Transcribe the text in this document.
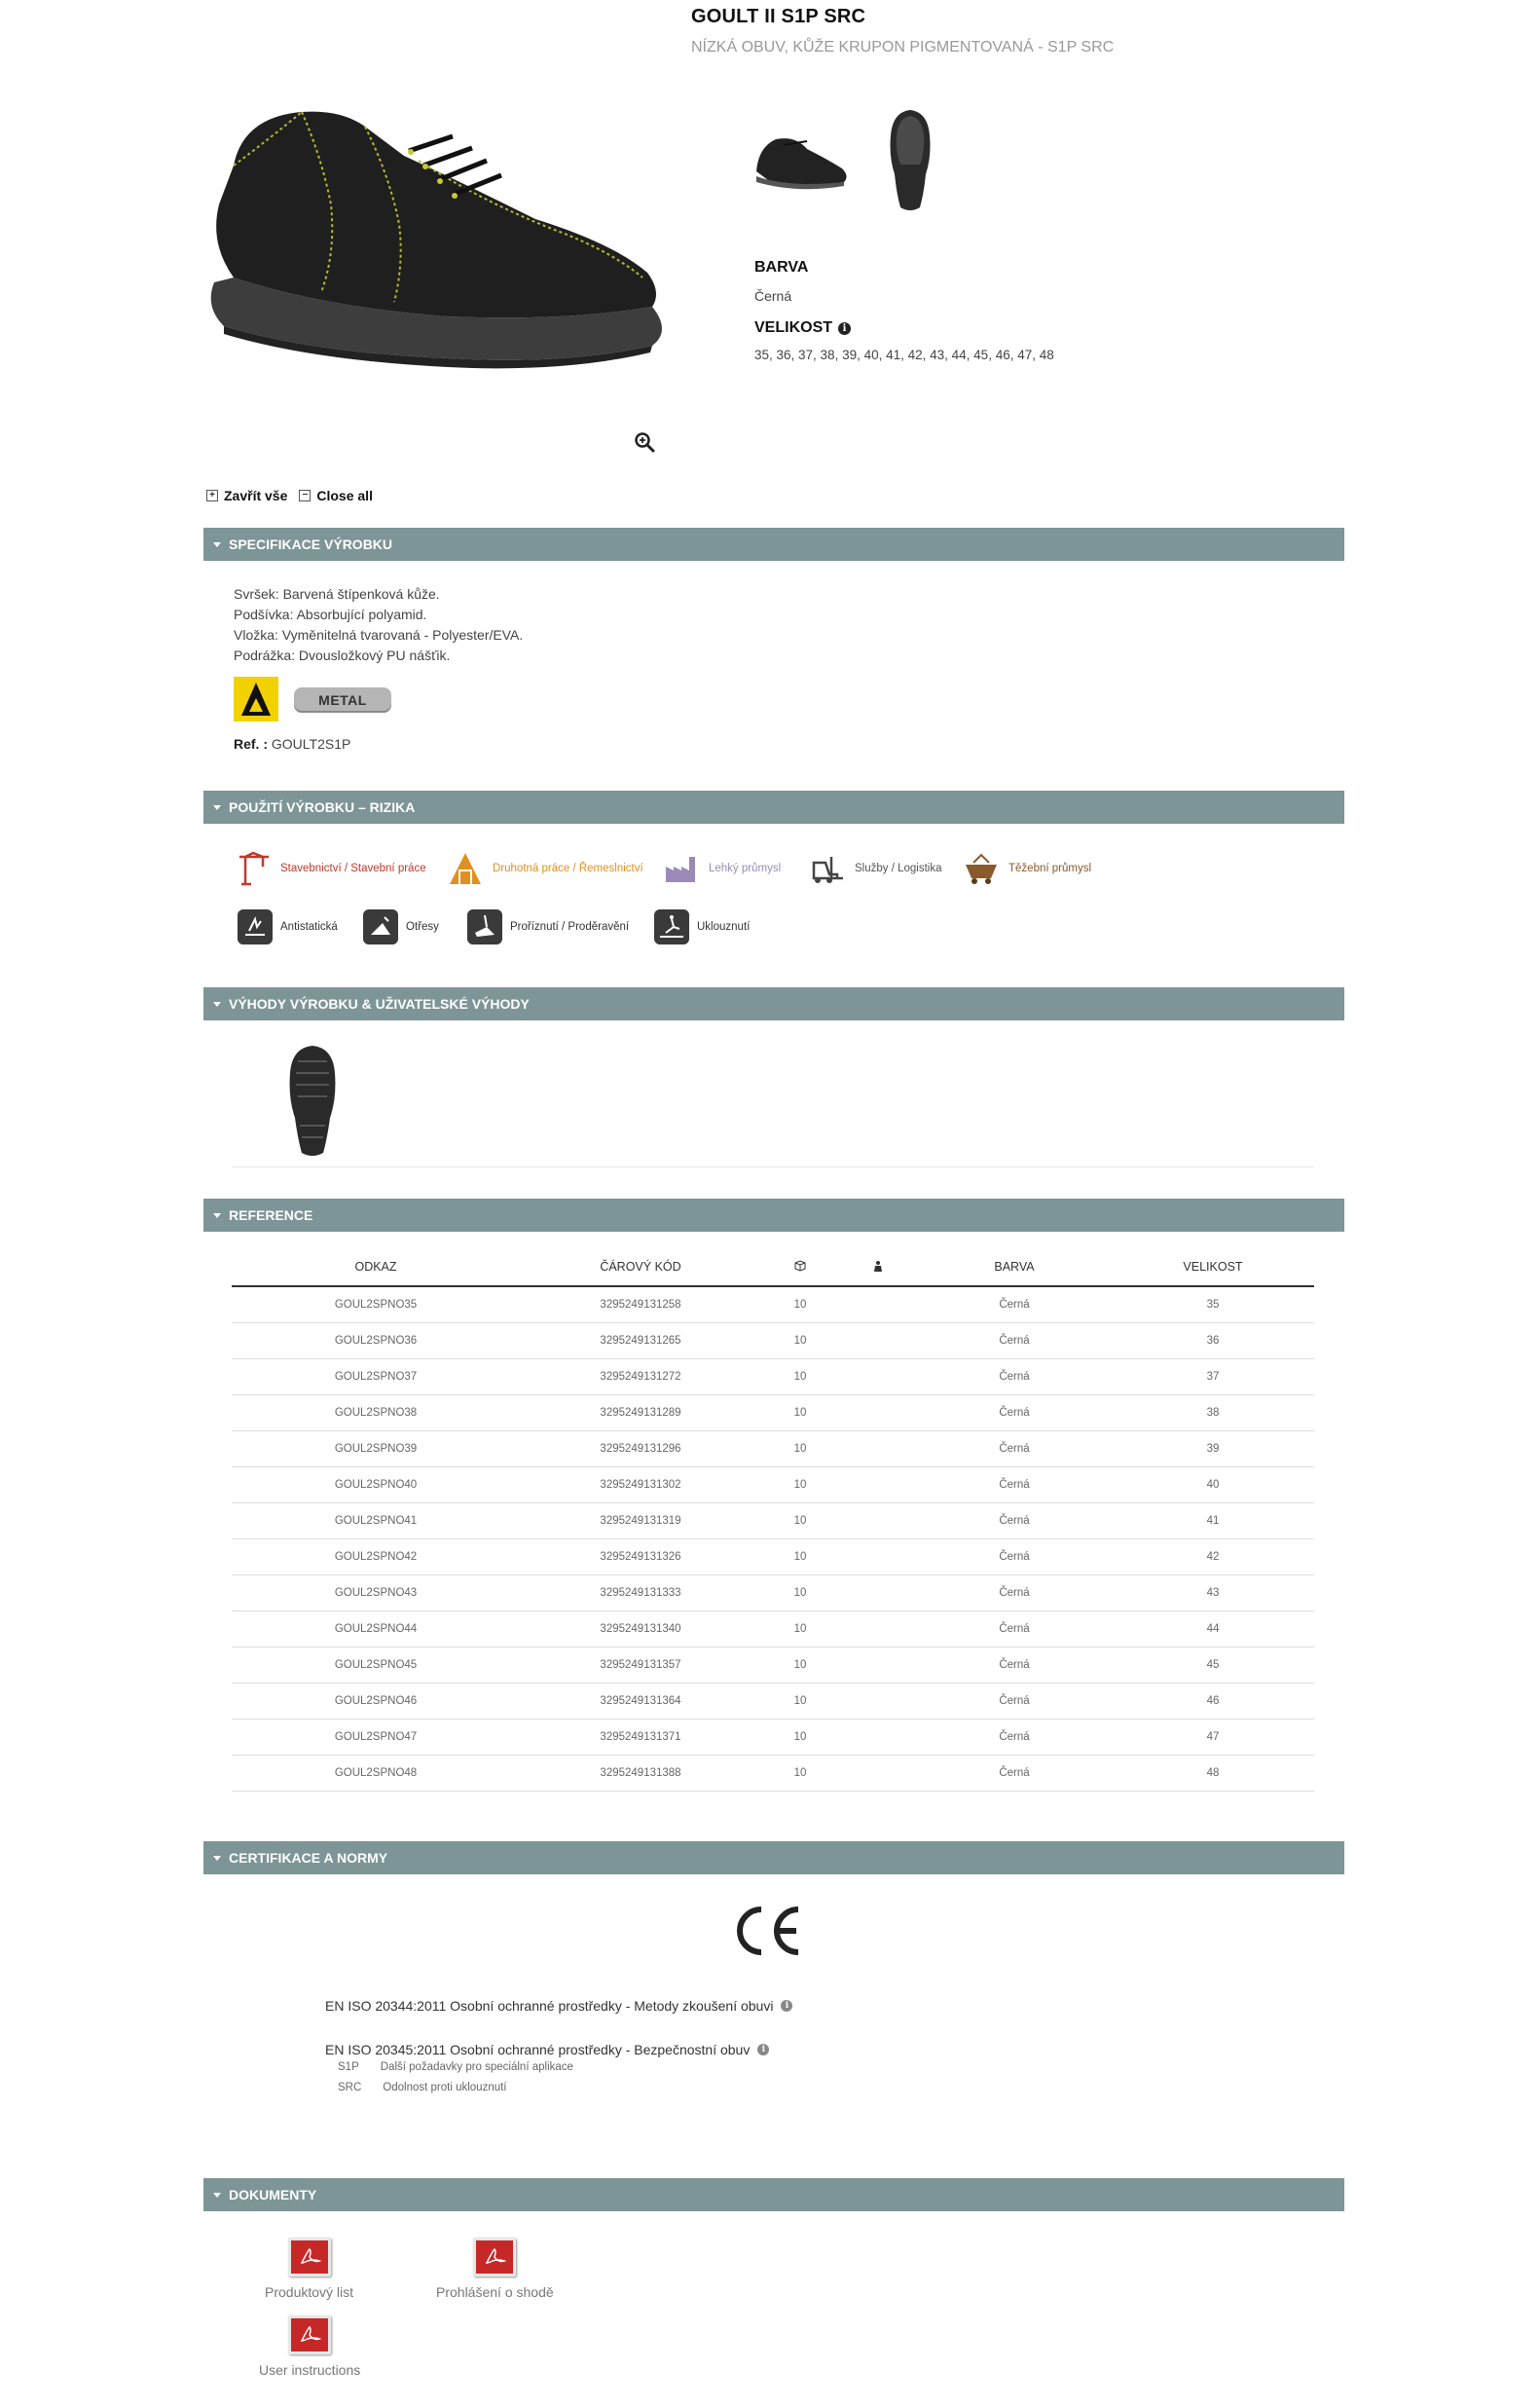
GOULT II S1P SRC
NÍZKÁ OBUV, KŮŽE KRUPON PIGMENTOVANÁ - S1P SRC
BARVA
Černá
VELIKOST	i
35, 36, 37, 38, 39, 40, 41, 42, 43, 44, 45, 46, 47, 48
+ Zavřít vše	− Close all
SPECIFIKACE VÝROBKU
Svršek: Barvená štípenková kůže.
Podšívka: Absorbující polyamid.
Vložka: Vyměnitelná tvarovaná - Polyester/EVA.
Podrážka: Dvousložkový PU nášťik.
METAL
Ref. : GOULT2S1P
POUŽITÍ VÝROBKU – RIZIKA
Stavebnictví / Stavební práce	Druhotná práce / Řemeslnictví	Lehký průmysl	Služby / Logistika	Těžební průmysl
Antistatická	Otřesy	Proříznutí / Proděravění	Uklouznutí
VÝHODY VÝROBKU & UŽIVATELSKÉ VÝHODY
REFERENCE
ODKAZ	ČÁROVÝ KÓD			BARVA	VELIKOST
GOUL2SPNO35	3295249131258	10		Černá	35
GOUL2SPNO36	3295249131265	10		Černá	36
GOUL2SPNO37	3295249131272	10		Černá	37
GOUL2SPNO38	3295249131289	10		Černá	38
GOUL2SPNO39	3295249131296	10		Černá	39
GOUL2SPNO40	3295249131302	10		Černá	40
GOUL2SPNO41	3295249131319	10		Černá	41
GOUL2SPNO42	3295249131326	10		Černá	42
GOUL2SPNO43	3295249131333	10		Černá	43
GOUL2SPNO44	3295249131340	10		Černá	44
GOUL2SPNO45	3295249131357	10		Černá	45
GOUL2SPNO46	3295249131364	10		Černá	46
GOUL2SPNO47	3295249131371	10		Černá	47
GOUL2SPNO48	3295249131388	10		Černá	48
CERTIFIKACE A NORMY
EN ISO 20344:2011 Osobní ochranné prostředky - Metody zkoušení obuvi	i
EN ISO 20345:2011 Osobní ochranné prostředky - Bezpečnostní obuv	i
S1P Další požadavky pro speciální aplikace
SRC Odolnost proti uklouznutí
DOKUMENTY
Produktový list	Prohlášení o shodě
User instructions
